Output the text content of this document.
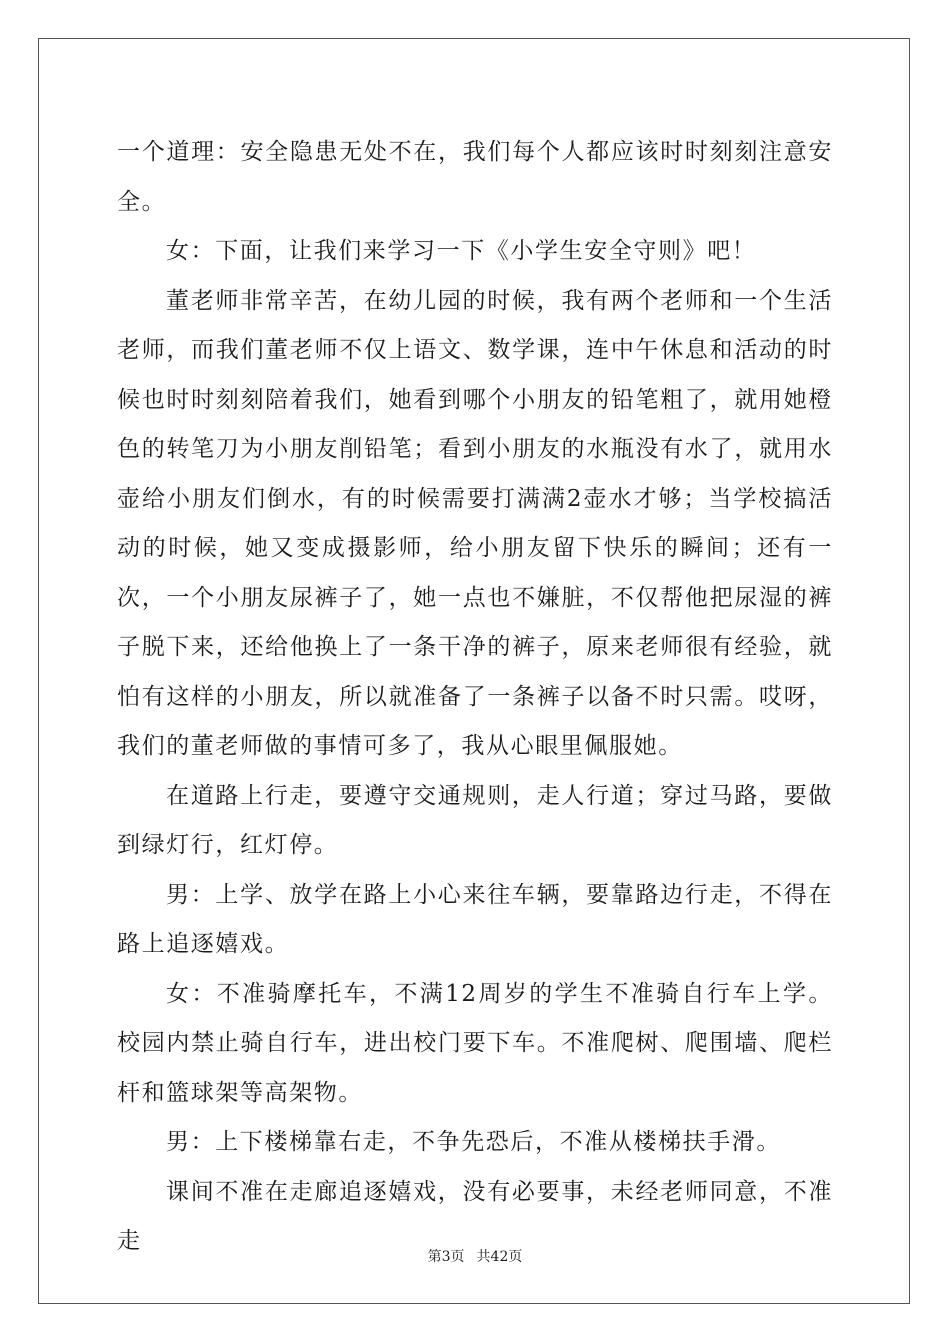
一个道理：安全隐患无处不在，我们每个人都应该时时刻刻注意安全。

女：下面，让我们来学习一下《小学生安全守则》吧！

董老师非常辛苦，在幼儿园的时候，我有两个老师和一个生活老师，而我们董老师不仅上语文、数学课，连中午休息和活动的时候也时时刻刻陪着我们，她看到哪个小朋友的铅笔粗了，就用她橙色的转笔刀为小朋友削铅笔；看到小朋友的水瓶没有水了，就用水壶给小朋友们倒水，有的时候需要打满满2壶水才够；当学校搞活动的时候，她又变成摄影师，给小朋友留下快乐的瞬间；还有一次，一个小朋友尿裤子了，她一点也不嫌脏，不仅帮他把尿湿的裤子脱下来，还给他换上了一条干净的裤子，原来老师很有经验，就怕有这样的小朋友，所以就准备了一条裤子以备不时只需。哎呀，我们的董老师做的事情可多了，我从心眼里佩服她。

在道路上行走，要遵守交通规则，走人行道；穿过马路，要做到绿灯行，红灯停。

男：上学、放学在路上小心来往车辆，要靠路边行走，不得在路上追逐嬉戏。

女：不准骑摩托车，不满12周岁的学生不准骑自行车上学。校园内禁止骑自行车，进出校门要下车。不准爬树、爬围墙、爬栏杆和篮球架等高架物。

男：上下楼梯靠右走，不争先恐后，不准从楼梯扶手滑。

课间不准在走廊追逐嬉戏，没有必要事，未经老师同意，不准走

第3页 共42页
